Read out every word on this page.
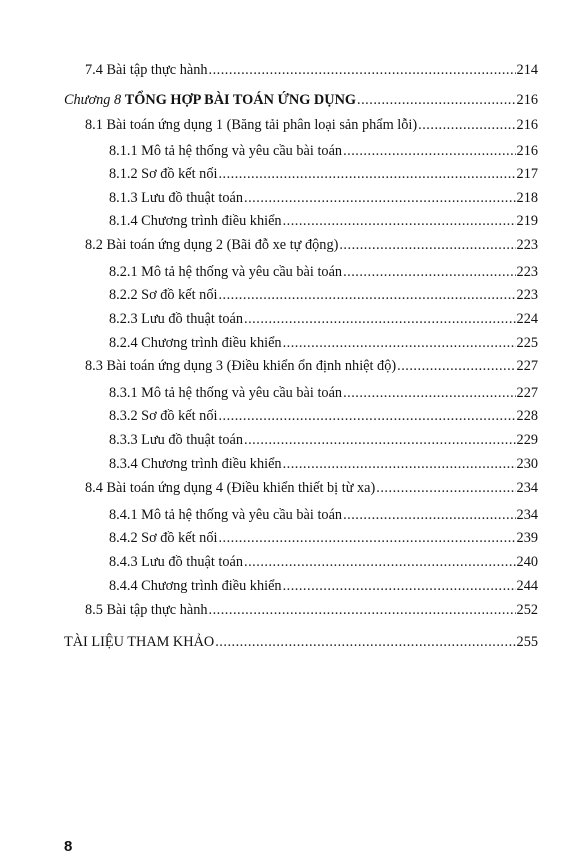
7.4 Bài tập thực hành .....	214
Chương 8 TỔNG HỢP BÀI TOÁN ỨNG DỤNG .....	216
8.1 Bài toán ứng dụng 1 (Băng tải phân loại sản phẩm lỗi) .....	216
8.1.1 Mô tả hệ thống và yêu cầu bài toán .....	216
8.1.2 Sơ đồ kết nối .....	217
8.1.3 Lưu đồ thuật toán .....	218
8.1.4 Chương trình điều khiển .....	219
8.2 Bài toán ứng dụng 2 (Bãi đỗ xe tự động) .....	223
8.2.1 Mô tả hệ thống và yêu cầu bài toán .....	223
8.2.2 Sơ đồ kết nối .....	223
8.2.3 Lưu đồ thuật toán .....	224
8.2.4 Chương trình điều khiển .....	225
8.3 Bài toán ứng dụng 3 (Điều khiển ổn định nhiệt độ) .....	227
8.3.1 Mô tả hệ thống và yêu cầu bài toán .....	227
8.3.2 Sơ đồ kết nối .....	228
8.3.3 Lưu đồ thuật toán .....	229
8.3.4 Chương trình điều khiển .....	230
8.4 Bài toán ứng dụng 4 (Điều khiển thiết bị từ xa) .....	234
8.4.1 Mô tả hệ thống và yêu cầu bài toán .....	234
8.4.2 Sơ đồ kết nối .....	239
8.4.3 Lưu đồ thuật toán .....	240
8.4.4 Chương trình điều khiển .....	244
8.5 Bài tập thực hành .....	252
TÀI LIỆU THAM KHẢO .....	255
8
